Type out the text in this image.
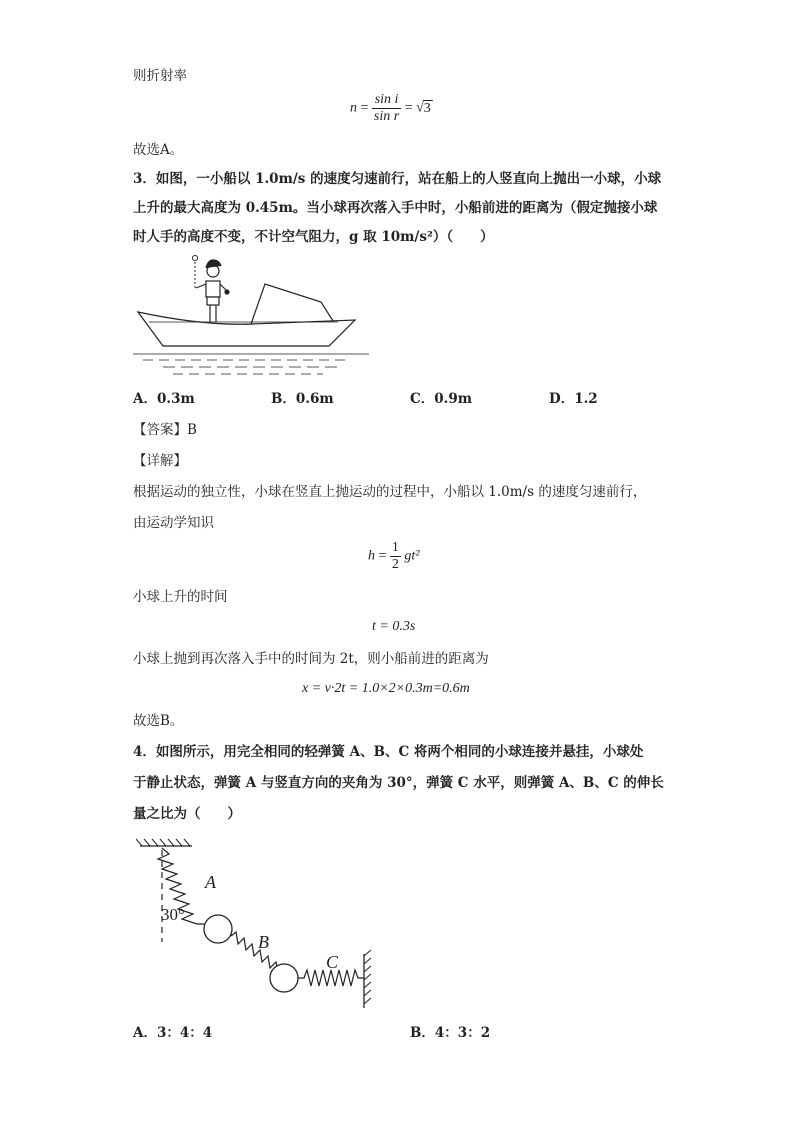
则折射率
$n = \frac{\text{sin i}}{\text{sin r}} = √3$
故选A。
3．如图，一小船以 1.0m/s 的速度匀速前行，站在船上的人竖直向上抛出一小球，小球
上升的最大高度为 0.45m。当小球再次落入手中时，小船前进的距离为（假定抛接小球
时人手的高度不变，不计空气阻力，g 取 10m/s²）（　　）
A．0.3m	B．0.6m	C．0.9m	D．1.2
【答案】B
【详解】
根据运动的独立性，小球在竖直上抛运动的过程中，小船以 1.0m/s 的速度匀速前行，
由运动学知识
$h = \frac{1}{2} gt^2$
小球上升的时间
t = 0.3s
小球上抛到再次落入手中的时间为 2t，则小船前进的距离为
x = v·2t = 1.0×2×0.3m=0.6m
故选B。
4．如图所示，用完全相同的轻弹簧 A、B、C 将两个相同的小球连接并悬挂，小球处
于静止状态，弹簧 A 与竖直方向的夹角为 30°，弹簧 C 水平，则弹簧 A、B、C 的伸长
量之比为（　　）
A
B
C
30°
A．3：4：4	B．4：3：2
